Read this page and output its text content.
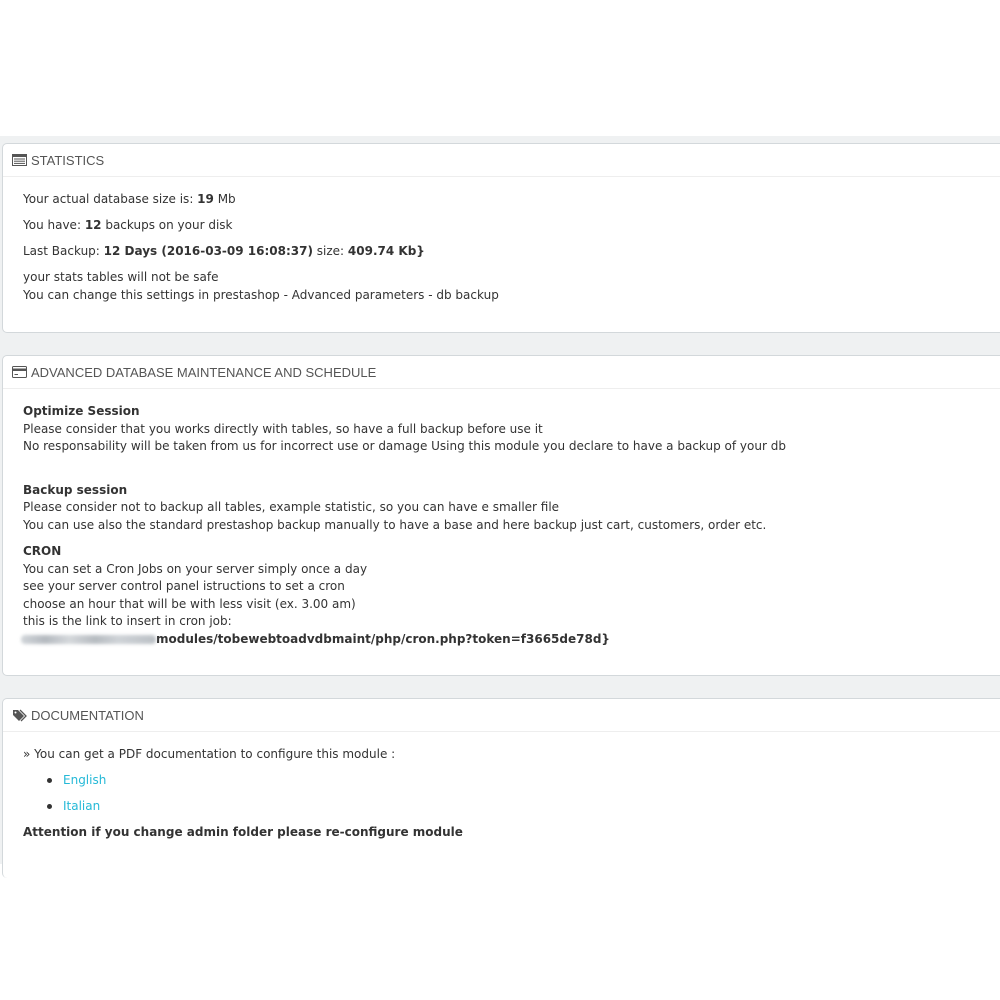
STATISTICS
Your actual database size is: 19 Mb
You have: 12 backups on your disk
Last Backup: 12 Days (2016-03-09 16:08:37) size: 409.74 Kb}
your stats tables will not be safe
You can change this settings in prestashop - Advanced parameters - db backup
ADVANCED DATABASE MAINTENANCE AND SCHEDULE
Optimize Session
Please consider that you works directly with tables, so have a full backup before use it
No responsability will be taken from us for incorrect use or damage Using this module you declare to have a backup of your db
Backup session
Please consider not to backup all tables, example statistic, so you can have e smaller file
You can use also the standard prestashop backup manually to have a base and here backup just cart, customers, order etc.
CRON
You can set a Cron Jobs on your server simply once a day
see your server control panel istructions to set a cron
choose an hour that will be with less visit (ex. 3.00 am)
this is the link to insert in cron job:
modules/tobewebtoadvdbmaint/php/cron.php?token=f3665de78d}
DOCUMENTATION
» You can get a PDF documentation to configure this module :
English
Italian
Attention if you change admin folder please re-configure module
